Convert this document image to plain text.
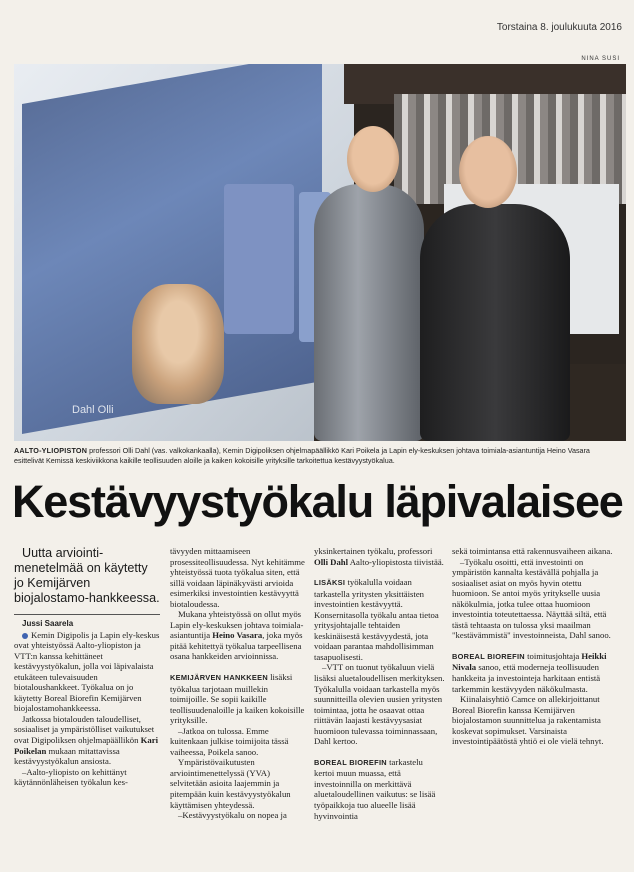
Torstaina 8. joulukuuta 2016
NINA SUSI
Dahl Olli
AALTO-YLIOPISTON professori Olli Dahl (vas. valkokankaalla), Kemin Digipoliksen ohjelmapäällikkö Kari Poikela ja Lapin ely-keskuksen johtava toimiala-asiantuntija Heino Vasara esittelivät Kemissä keskiviikkona kaikille teollisuuden aloille ja kaiken kokoisille yrityksille tarkoitettua kestävyystyökalua.
Kestävyystyökalu läpivalaisee

Uutta arviointi-menetelmää on käytetty jo Kemijärven biojalostamo-hankkeessa.

Jussi Saarela

Kemin Digipolis ja Lapin ely-keskus ovat yhteistyössä Aalto-yliopiston ja VTT:n kanssa kehittäneet kestävyystyökalun, jolla voi läpivalaista etukäteen tulevaisuuden biotaloushankkeet. Työkalua on jo käytetty Boreal Biorefin Kemijärven biojalostamohankkeessa.

Jatkossa biotalouden taloudelliset, sosiaaliset ja ympäristölliset vaikutukset ovat Digipoliksen ohjelmapäällikön Kari Poikelan mukaan mitattavissa kestävyystyökalun ansiosta.

–Aalto-yliopisto on kehittänyt käytännönläheisen työkalun kes-

tävyyden mittaamiseen prosessiteollisuudessa. Nyt kehitämme yhteistyössä tuota työkalua siten, että sillä voidaan läpinäkyvästi arvioida esimerkiksi investointien kestävyyttä biotaloudessa.

Mukana yhteistyössä on ollut myös Lapin ely-keskuksen johtava toimiala-asiantuntija Heino Vasara, joka myös pitää kehitettyä työkalua tarpeellisena osana hankkeiden arvioinnissa.

KEMIJÄRVEN HANKKEEN lisäksi työkalua tarjotaan muillekin toimijoille. Se sopii kaikille teollisuudenaloille ja kaiken kokoisille yrityksille.

–Jatkoa on tulossa. Emme kuitenkaan julkise toimijoita tässä vaiheessa, Poikela sanoo.

Ympäristövaikutusten arviointimenettelyssä (YVA) selvitetään asioita laajemmin ja pitempään kuin kestävyystyökalun käyttämisen yhteydessä.

–Kestävyystyökalu on nopea ja

yksinkertainen työkalu, professori Olli Dahl Aalto-yliopistosta tiivistää.

LISÄKSI työkalulla voidaan tarkastella yritysten yksittäisten investointien kestävyyttä. Konsernitasolla työkalu antaa tietoa yritysjohtajalle tehtaiden keskinäisestä kestävyydestä, jota voidaan parantaa mahdollisimman tasapuolisesti.

–VTT on tuonut työkaluun vielä lisäksi aluetaloudellisen merkityksen. Työkalulla voidaan tarkastella myös suunnitteilla olevien uusien yritysten toimintaa, jotta he osaavat ottaa riittävän laajasti kestävyysasiat huomioon tulevassa toiminnassaan, Dahl kertoo.

BOREAL BIOREFIN tarkastelu kertoi muun muassa, että investoinnilla on merkittävä aluetaloudellinen vaikutus: se lisää työpaikkoja tuo alueelle lisää hyvinvointia

sekä toimintansa että rakennusvaiheen aikana.

–Työkalu osoitti, että investointi on ympäristön kannalta kestävällä pohjalla ja sosiaaliset asiat on myös hyvin otettu huomioon. Se antoi myös yritykselle uusia näkökulmia, jotka tulee ottaa huomioon investointia toteutettaessa. Näyttää siltä, että tästä tehtaasta on tulossa yksi maailman "kestävämmistä" investoinneista, Dahl sanoo.

BOREAL BIOREFIN toimitusjohtaja Heikki Nivala sanoo, että moderneja teollisuuden hankkeita ja investointeja harkitaan entistä tarkemmin kestävyyden näkökulmasta.

Kiinalaisyhtiö Camce on allekirjoittanut Boreal Biorefin kanssa Kemijärven biojalostamon suunnittelua ja rakentamista koskevat sopimukset. Varsinaista investointipäätöstä yhtiö ei ole vielä tehnyt.
